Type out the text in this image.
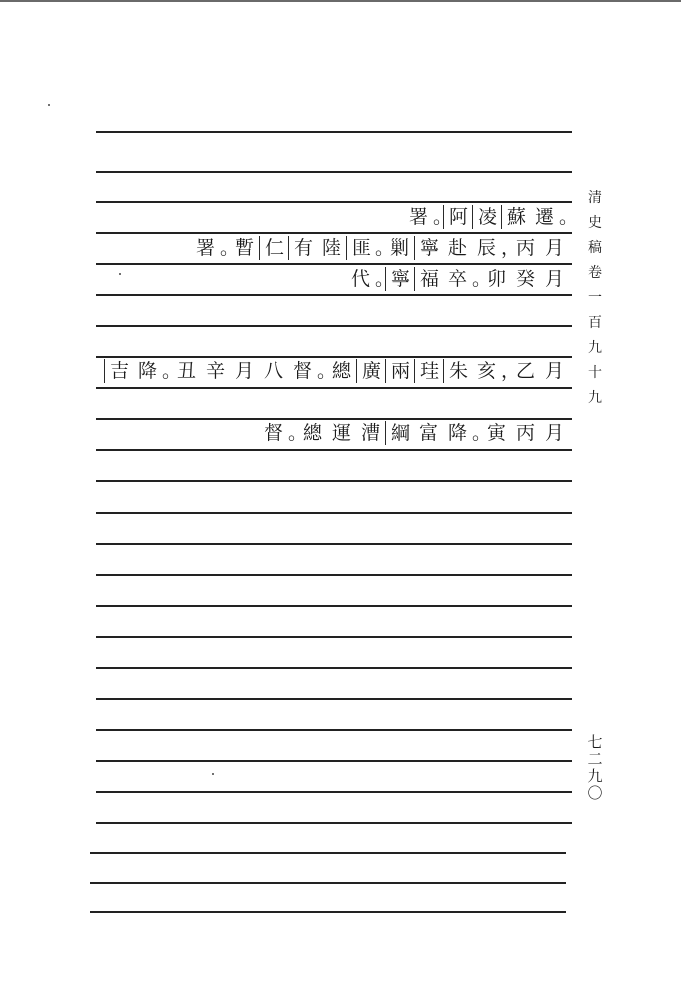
署 。阿 凌 蘇 遷 。
署 。暫 仁 有 陸 匪 。剿 寧 赴 辰 ，丙 月
代 。寧 福 卒 。卯 癸 月
吉 降 。丑 辛 月 八 督 。總 廣 兩 珪 朱 亥 ，乙 月
督 。總 運 漕 綱 富 降 。寅 丙 月
清史稿卷一百九十九
七二九〇
